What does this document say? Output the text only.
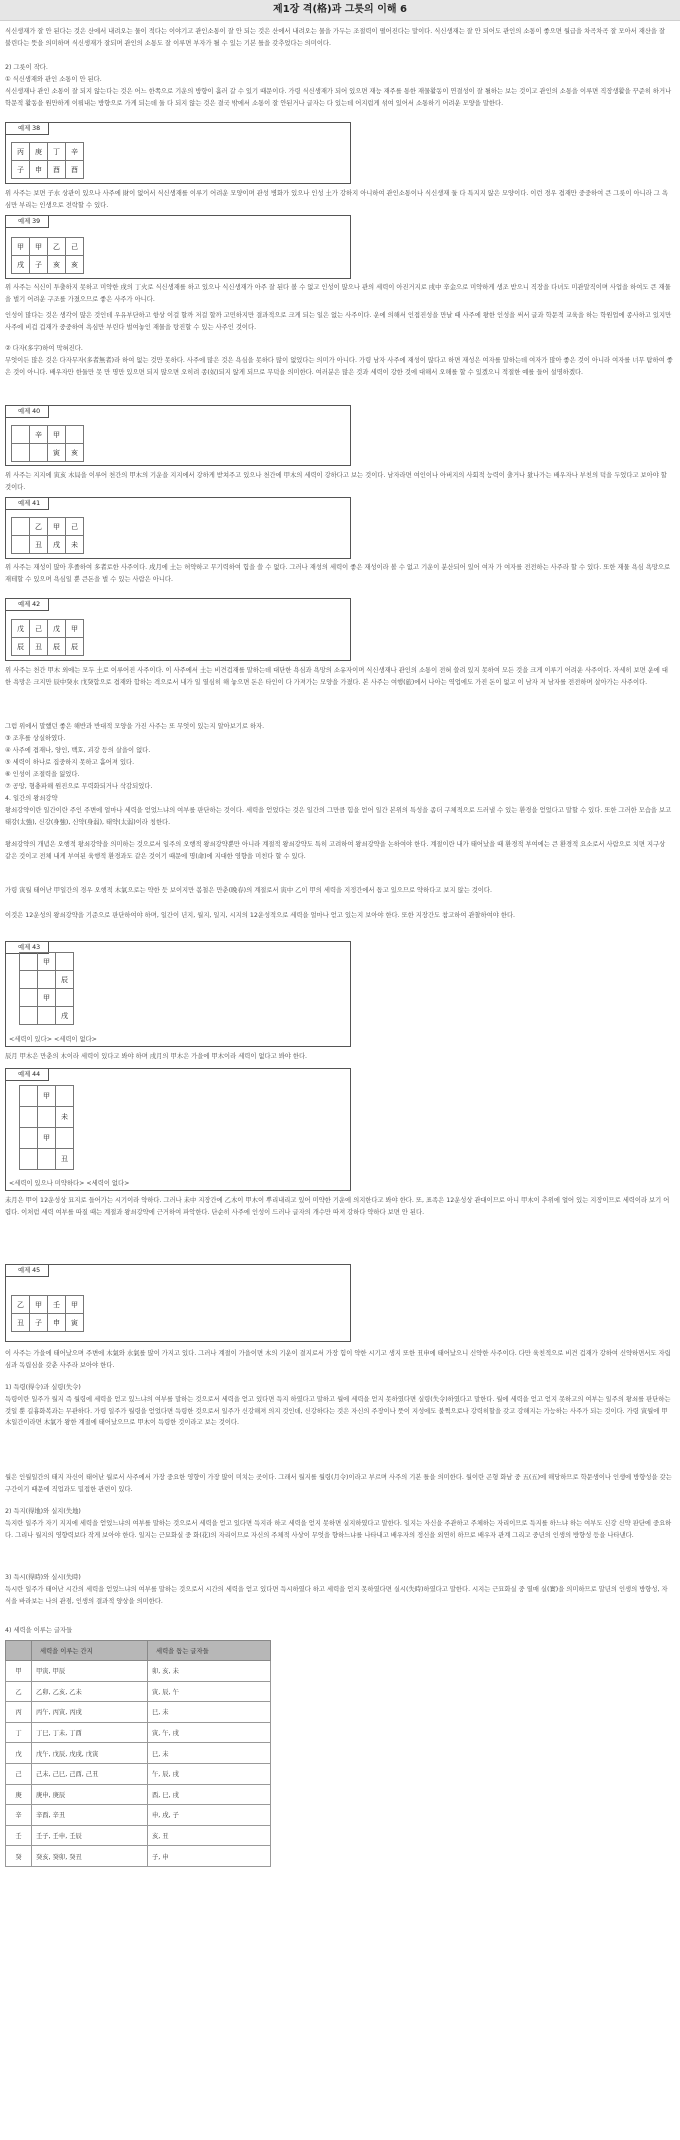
제1장 격(格)과 그릇의 이해 6

식신생재가 잘 안 된다는 것은 산에서 내려오는 물이 적다는 이야기고 관인소통이 잘 안 되는 것은 산에서 내려오는 물을 가두는 조절력이 떨어진다는 말이다. 식신생재는 잘 안 되어도 관인의 소통이 좋으면 월급을 차곡차곡 잘 모아서 재산을 잘 불린다는 뜻을 의미하며 식신생재가 잘되며 관인의 소통도 잘 이루면 부자가 될 수 있는 기본 틀을 갖추었다는 의미이다.

2) 그릇이 작다.

① 식신생재와 관인 소통이 안 된다.

식신생재나 관인 소통이 잘 되지 않는다는 것은 어느 한쪽으로 기운의 방향이 흘러 갈 수 있기 때문이다. 가령 식신생재가 되어 있으면 재능 재주를 통한 재물활동이 연결성이 잘 될하는 보는 것이고 관인의 소통을 이루면 직장생활을 꾸준히 하거나 학문적 활동을 원만하게 이뤄내는 방향으로 가게 되는데 둘 다 되지 않는 것은 결국 밖에서 소통이 잘 안된거나 글자는 다 있는데 어지럽게 섞여 있어서 소통하기 어려운 모양을 말한다.

예제 38
丙	庚	丁	辛
子	申	酉	酉

위 사주는 보면 子水 상관이 있으나 사주에 財이 없어서 식신생재를 이루기 어려운 모양이며 관성 병화가 있으나 인성 土가 강하지 아니하여 관인소통이나 식신생재 둘 다 특지지 않은 모양이다. 이런 경우 겹재만 중중하여 큰 그릇이 아니라 그 욕심만 부리는 인생으로 전락할 수 있다.

예제 39
甲	甲	乙	己
戌	子	亥	亥

위 사주는 식신이 투출하지 못하고 미약한 戌의 丁火로 식신생재를 하고 있으나 식신생재가 아주 잘 된다 볼 수 없고 인성이 많으나 관의 세력이 아진거지로 戌中 辛金으로 미약하게 생조 받으니 직장을 다녀도 미관말직이며 사업을 하여도 큰 재물을 벌기 어려운 구조를 가졌으므로 좋은 사주가 아니다.

인성이 많다는 것은 생각이 많은 것인데 우유부단하고 항상 이걸 할까 저걸 할까 고민하지만 결과적으로 크게 되는 일은 없는 사주이다. 운에 의해서 인접진성을 만날 때 사주에 왕한 인성을 써서 글과 학문적 교육을 하는 학원업에 종사하고 있지만 사주에 비겁 겁재가 중중하여 욕심만 부린다 벌여놓인 재물을 탕진할 수 있는 사주인 것이다.

② 다자(多字)하여 막혀진다.

무엇이든 많은 것은 다자무자(多者無者)라 하여 없는 것만 못하다. 사주에 많은 것은 욕심을 못하다 많이 없었다는 의미가 아니다. 가령 남자 사주에 재성이 많다고 하면 재성은 여자를 말하는데 여자가 많아 좋은 것이 아니라 여자를 너무 탐하여 좋은 것이 아니다. 배우자만 한둘만 못 만 명만 있으면 되지 많으면 오히려 종(奴)되지 않게 되므로 무덕을 의미한다. 여러분은 많은 것과 세력이 강한 것에 대해서 오해를 할 수 있겠으니 적절한 예를 들어 설명하겠다.

예제 40
	辛	甲	
		寅	亥

위 사주는 지지에 寅亥 木局을 이루어 천간의 甲木의 기운을 지지에서 강하게 받쳐주고 있으나 천간에 甲木의 세력이 강하다고 보는 것이다. 남자라면 여인이나 아버지의 사회적 능력이 출거나 왔나가는 배우자나 부친의 덕을 두었다고 보아야 할 것이다.

예제 41
	乙	甲	己
	丑	戌	未

위 사주는 재성이 많아 후졸하여 多者로한 사주이다. 戌月에 土는 허약하고 무기력하여 힘을 쓸 수 없다. 그러나 재성의 세력이 좋은 재성이라 볼 수 없고 기운이 분산되어 있어 여자 가 여자를 전전하는 사주라 할 수 있다. 또한 재물 욕심 욕망으로 재테할 수 있으며 욕심일 뿐 큰돈을 벌 수 있는 사람은 아니다.

예제 42
戊	己	戊	甲
辰	丑	辰	辰

위 사주는 천간 甲木 외에는 모두 土로 이루어진 사주이다. 이 사주에서 土는 비견겁재를 말하는데 대단한 욕심과 욕망의 소유자이며 식신생재나 관인의 소통이 전혀 쓸려 있지 못하여 모든 것을 크게 이루기 어려운 사주이다. 자세히 보면 운에 대한 욕망은 크지만 辰中癸水 戊癸합으로 겹재와 합하는 격으로서 내가 일 열심히 해 놓으면 돈은 타인이 다 가져가는 모양을 가졌다. 본 사주는 여행(旅)에서 나아는 역업에도 가진 돈이 없고 이 남자 저 남자를 전전하며 살아가는 사주이다.

그럼 위에서 말했던 좋은 해반과 반대적 모양을 가진 사주는 또 무엇이 있는지 알아보기로 하자.

③ 조후를 상실하였다.

④ 사주에 겹재나, 양인, 백호, 괴강 등의 살을이 없다.

⑤ 세력이 하나로 집중하지 못하고 흩어져 있다.

⑥ 인성이 조절력을 잃었다.

⑦ 공망, 형충파해 원진으로 무력화되거나 삭감되었다.

4. 일간의 왕쇠강약

왕쇠강약이란 일간이란 주인 주변에 얼마나 세력을 얻었느냐의 여부를 판단하는 것이다. 세력을 얻었다는 것은 일간의 그만큼 힘을 얻어 일간 본위의 특성을 좀더 구체적으로 드러낼 수 있는 환경을 얻었다고 말할 수 있다. 또한 그러한 모습을 보고 태강(太強), 신강(身強), 신약(身弱), 태약(太弱)이라 칭한다.

왕쇠강약의 개념은 오행적 왕쇠강약을 의미하는 것으로서 일주의 오행적 왕쇠강약뿐만 아니라 계절적 왕쇠강약도 특히 고려하여 왕쇠강약을 논하여야 한다. 계절이란 내가 태어났을 때 환경적 부여에는 큰 환경적 요소로서 사람으로 치면 지구상 같은 것이고 전체 내게 부여된 육행적 환경과도 같은 것이기 때문에 명(命)에 지대한 영향을 미친다 할 수 있다.

가령 寅월 태어난 甲일간의 경우 오행적 木氣으로는 약한 듯 보이지만 봄철은 만춘(晩春)의 계절로서 寅中 乙이 甲의 세력을 지정간에서 돕고 있으므로 약하다고 보지 않는 것이다.

이것은 12운성의 왕쇠강약을 기준으로 판단하여야 하며, 일간이 년지, 월지, 일지, 시지의 12운성적으로 세력을 얼마나 얻고 있는지 보아야 한다. 또한 지장간도 참고하여 관찰하여야 한다.

예제 43
	甲	
		辰
	甲	
		戌
<세력이 있다> <세력이 없다>

辰月 甲木은 만춘의 木이라 세력이 있다고 봐야 하며 戌月의 甲木은 가을에 甲木이라 세력이 없다고 봐야 한다.

예제 44
	甲	
		未
	甲	
		丑
<세력이 있으나 미약하다> <세력이 없다>

未月은 甲이 12운성상 묘지로 들어가는 시기이라 약하다. 그러나 未中 지장간에 乙木이 甲木이 뿌리내리고 있어 미약한 기운에 의지한다고 봐야 한다. 또, 표족은 12운성상 관대이므로 아니 甲木이 추위에 얼어 있는 지장이므로 세력이라 보기 어렵다. 이처럼 세력 여부를 따질 때는 계절과 왕쇠강약에 근거하여 파악한다. 단순히 사주에 인성이 드러나 글자의 개수만 따져 강하다 약하다 보면 안 된다.

예제 45
乙	甲	壬	甲
丑	子	申	寅

이 사주는 가을에 태어났으며 주변에 木氣와 水氣를 많이 가지고 있다. 그러나 계절이 가을이면 木의 기운이 결지로서 가장 힘이 약한 시기고 생지 또한 丑申에 태어났으니 신약한 사주이다. 다만 육친적으로 비견 겁재가 강하여 신약하면서도 자립심과 독립심을 갖춘 사주라 보아야 한다.

1) 득령(得令)과 실령(失令)

득령이란 일주가 월지 즉 월령에 세력을 얻고 있느냐의 여부를 말하는 것으로서 세력을 얻고 있다면 득지 하였다고 말하고 월에 세력을 얻지 못하였다면 실령(失令)하였다고 말한다. 월에 세력을 얻고 얻지 못하고의 여부는 일주의 왕쇠를 판단하는 것일 뿐 길흉화복과는 무관하다. 가령 일주가 월령을 얻었다면 득령한 것으로서 일주가 신강해져 의지 것인데, 신강하다는 것은 자신의 주장이나 뜻이 지성에도 불쩍으로나 강력히할을 갖고 강해지는 가능하는 사주가 되는 것이다. 가령 寅월에 甲木일간이라면 木氣가 왕한 계절에 태어났으므로 甲木이 득령한 것이라고 보는 것이다.

월은 인월일간의 태지 자신이 태어난 월로서 사주에서 가장 중요한 영향이 가장 많이 미치는 곳이다. 그래서 월지를 월령(月令)이라고 부르며 사주의 기본 틀을 의미한다. 월이란 곤형 화남 중 五(五)에 해당하므로 학문생이나 인생에 방향성을 갖는 구간이기 때문에 직업과도 밀접한 관련이 있다.

2) 득지(得地)와 실지(失地)

득지란 일주가 자기 지지에 세력을 얻었느냐의 여부를 말하는 것으로서 세력을 얻고 있다면 득지라 하고 세력을 얻지 못하면 실지하였다고 말한다. 일지는 자신을 주관하고 주체하는 자리이므로 득지를 하느냐 하는 여부도 신강 신약 판단에 중요하다. 그리나 월지의 영향력보다 작게 보아야 한다. 일지는 근묘화실 중 화(花)의 자리이므로 자신의 주체적 사상이 무엇을 향하느냐를 나타내고 배우자의 정신을 외연히 하므로 배우자 관계 그리고 중년의 인생의 방향성 등을 나타낸다.

3) 득시(得時)와 실시(失時)

득시란 일주가 태어난 시간의 세력을 얻었느냐의 여부를 말하는 것으로서 시간의 세력을 얻고 있다면 득시하였다 하고 세력을 얻지 못하였다면 실시(失時)하였다고 말한다. 시지는 근묘화실 중 열매 실(實)을 의미하므로 말년의 인생의 방향성, 자식을 바라보는 나의 관점, 인생의 결과적 양상을 의미한다.

4) 세력을 이루는 글자들

	세력을 이루는 간지	세력을 돕는 글자들
甲	甲寅, 甲辰	卯, 亥, 未
乙	乙卯, 乙亥, 乙未	寅, 辰, 午
丙	丙午, 丙寅, 丙戌	巳, 未
丁	丁巳, 丁未, 丁酉	寅, 午, 戌
戊	戊午, 戊辰, 戊戌, 戊寅	巳, 未
己	己未, 己巳, 己酉, 己丑	午, 辰, 戌
庚	庚申, 庚辰	酉, 巳, 戌
辛	辛酉, 辛丑	申, 戌, 子
壬	壬子, 壬申, 壬辰	亥, 丑
癸	癸亥, 癸卯, 癸丑	子, 申
